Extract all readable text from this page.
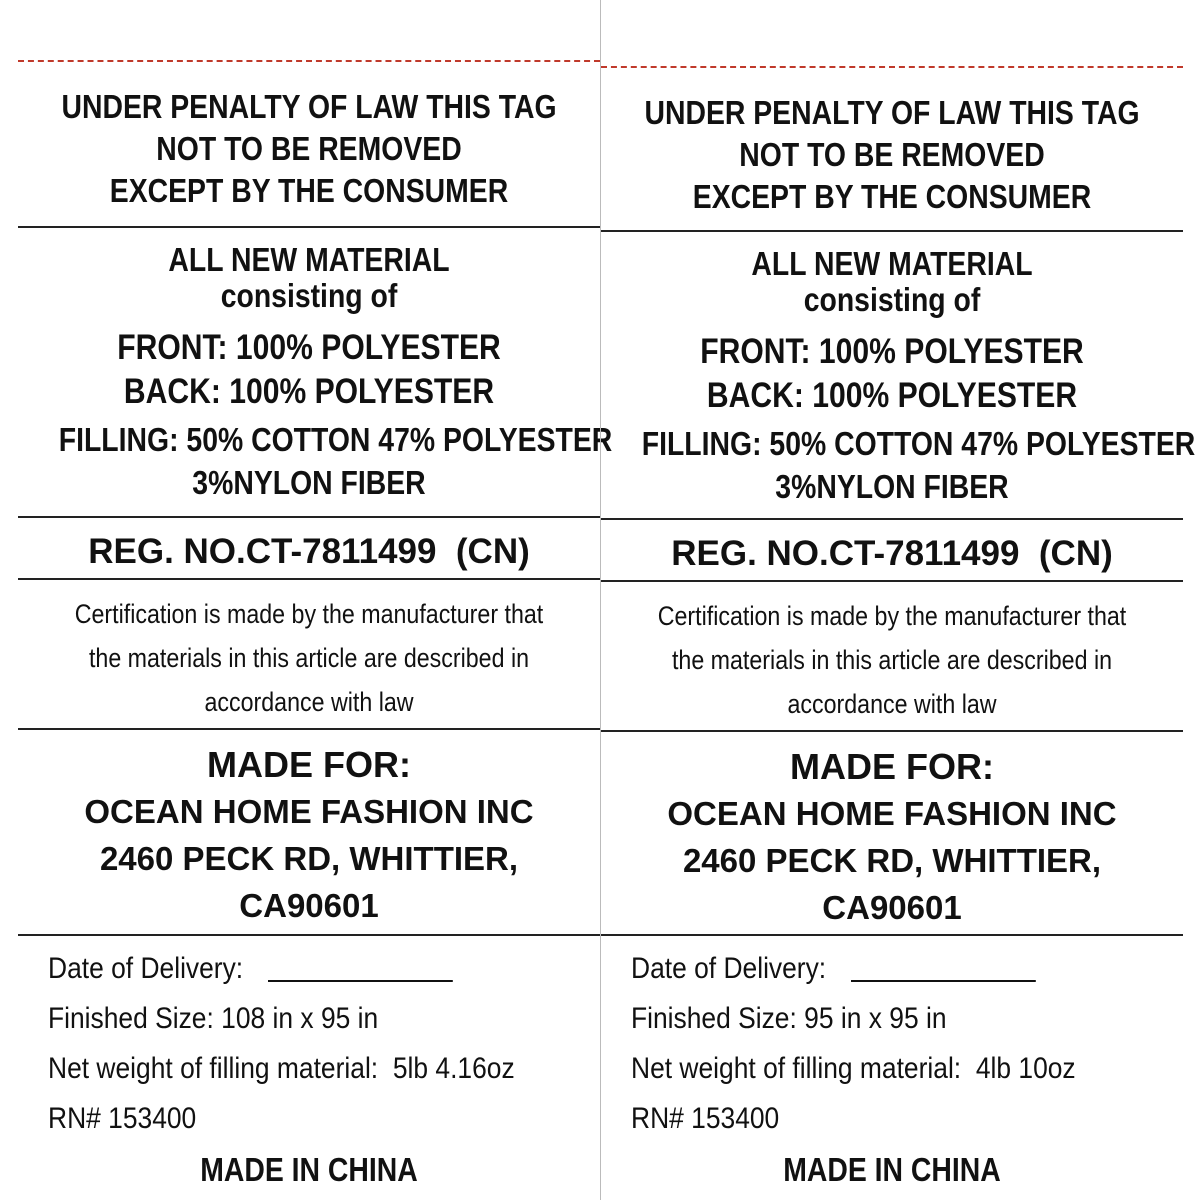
UNDER PENALTY OF LAW THIS TAG
NOT TO BE REMOVED
EXCEPT BY THE CONSUMER
ALL NEW MATERIAL
consisting of
FRONT: 100% POLYESTER
BACK: 100% POLYESTER
FILLING: 50% COTTON 47% POLYESTER
3%NYLON FIBER
REG. NO.CT-7811499  (CN)
Certification is made by the manufacturer that
the materials in this article are described in
accordance with law
MADE FOR:
OCEAN HOME FASHION INC
2460 PECK RD, WHITTIER,
CA90601
Date of Delivery:
Finished Size: 108 in x 95 in
Net weight of filling material: 5lb 4.16oz
RN# 153400
MADE IN CHINA
UNDER PENALTY OF LAW THIS TAG
NOT TO BE REMOVED
EXCEPT BY THE CONSUMER
ALL NEW MATERIAL
consisting of
FRONT: 100% POLYESTER
BACK: 100% POLYESTER
FILLING: 50% COTTON 47% POLYESTER
3%NYLON FIBER
REG. NO.CT-7811499  (CN)
Certification is made by the manufacturer that
the materials in this article are described in
accordance with law
MADE FOR:
OCEAN HOME FASHION INC
2460 PECK RD, WHITTIER,
CA90601
Date of Delivery:
Finished Size: 95 in x 95 in
Net weight of filling material: 4lb 10oz
RN# 153400
MADE IN CHINA
